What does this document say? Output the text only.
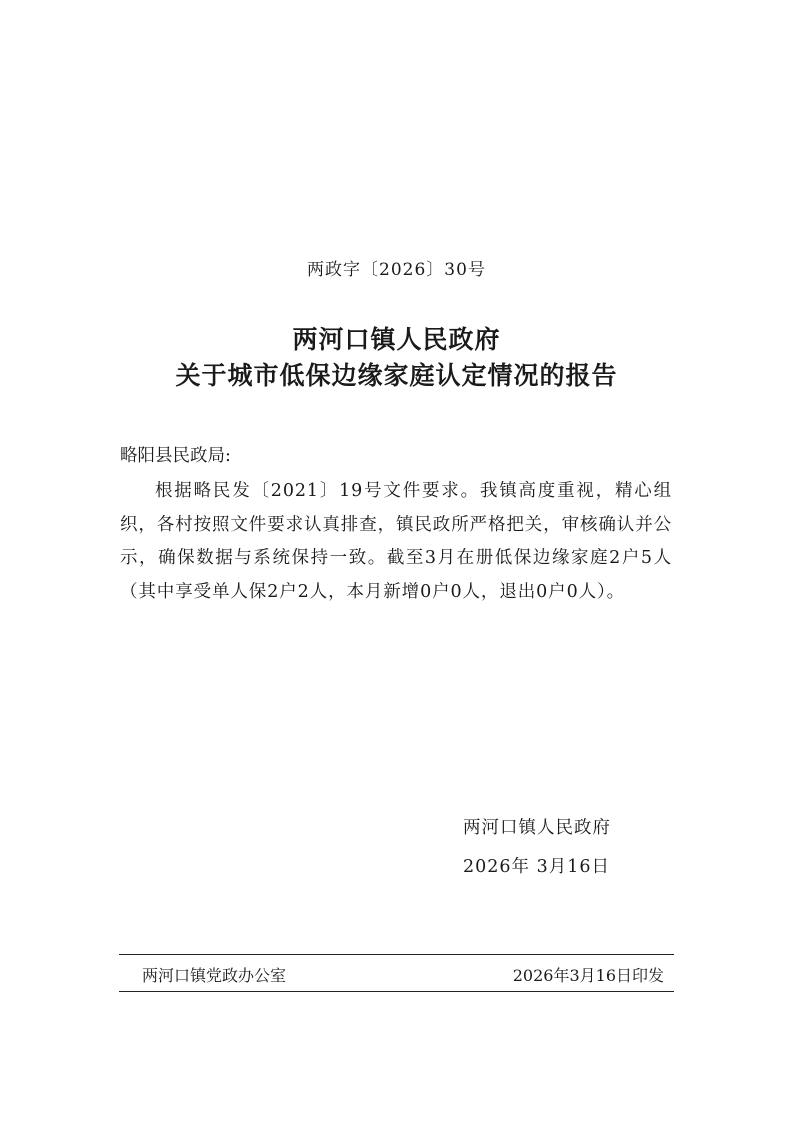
两政字〔2026〕30号
两河口镇人民政府
关于城市低保边缘家庭认定情况的报告
略阳县民政局:

根据略民发〔2021〕19号文件要求。我镇高度重视，精心组织，各村按照文件要求认真排查，镇民政所严格把关，审核确认并公示，确保数据与系统保持一致。截至3月在册低保边缘家庭2户5人（其中享受单人保2户2人，本月新增0户0人，退出0户0人）。

两河口镇人民政府
2026年 3月16日
两河口镇党政办公室	2026年3月16日印发
